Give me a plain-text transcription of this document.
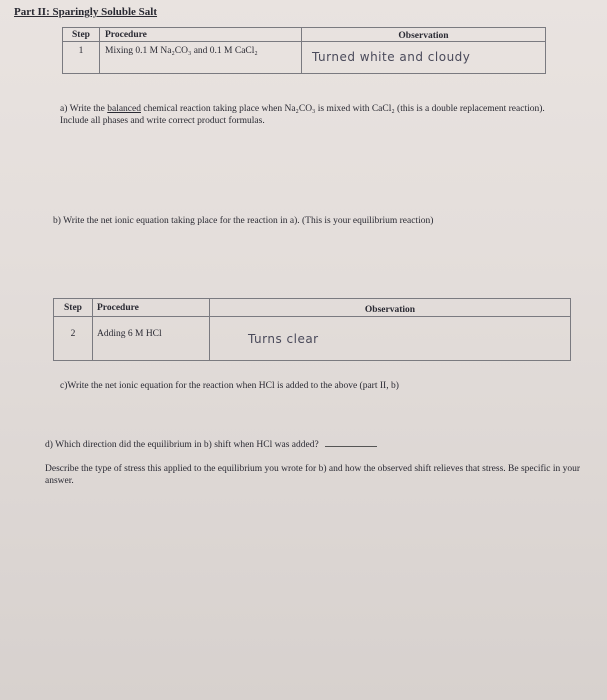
Part II: Sparingly Soluble Salt
Step	Procedure	Observation
1	Mixing 0.1 M Na₂CO₃ and 0.1 M CaCl₂	Turned white and cloudy
a) Write the balanced chemical reaction taking place when Na₂CO₃ is mixed with CaCl₂ (this is a double replacement reaction). Include all phases and write correct product formulas.
b) Write the net ionic equation taking place for the reaction in a). (This is your equilibrium reaction)
Step	Procedure	Observation
2	Adding 6 M HCl	Turns clear
c)Write the net ionic equation for the reaction when HCl is added to the above (part II, b)
d) Which direction did the equilibrium in b) shift when HCl was added?
Describe the type of stress this applied to the equilibrium you wrote for b) and how the observed shift relieves that stress. Be specific in your answer.
